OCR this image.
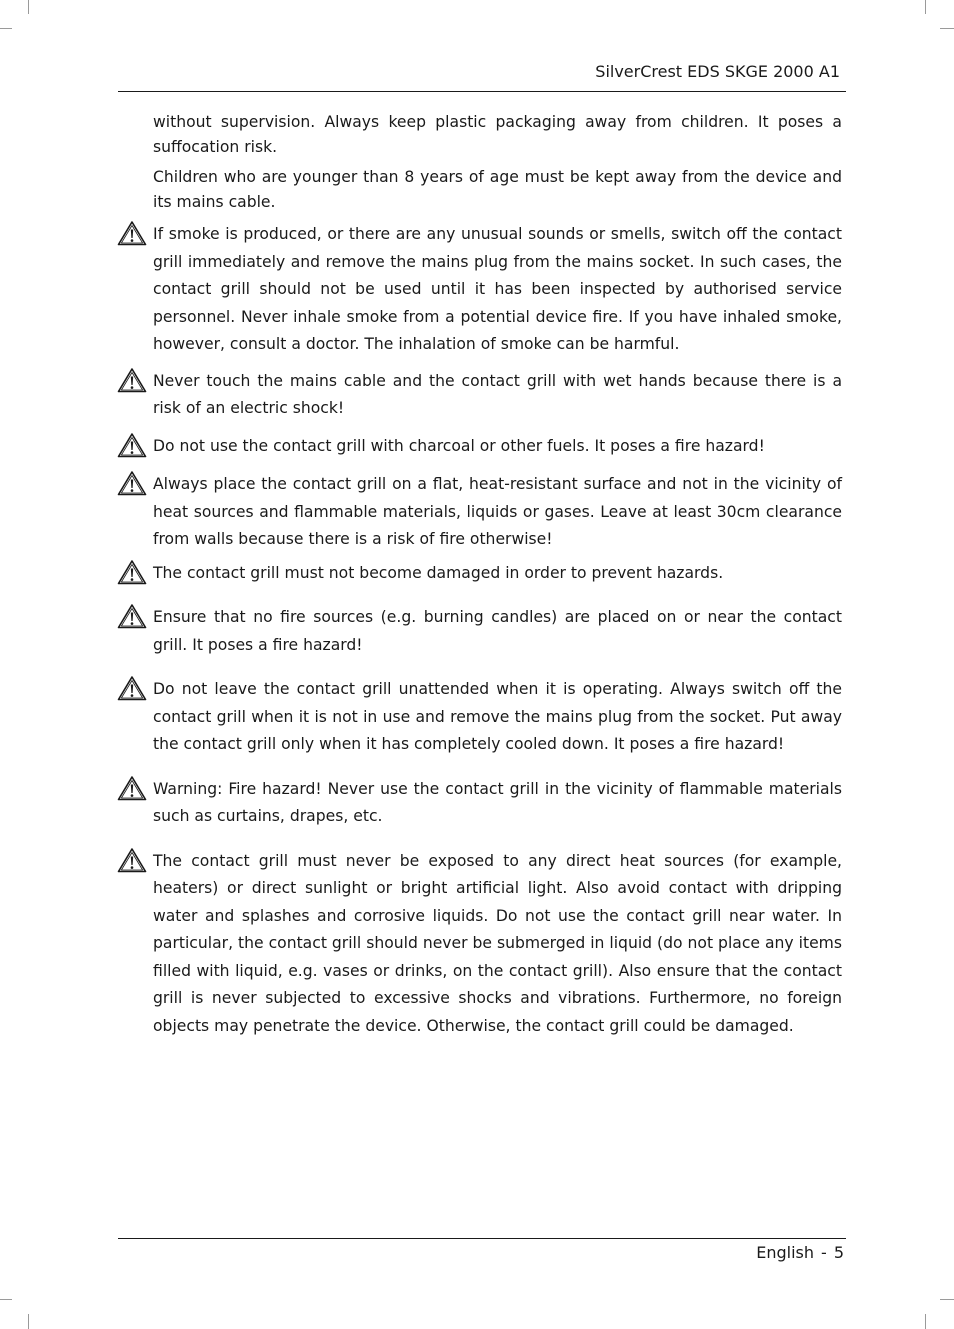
SilverCrest EDS SKGE 2000 A1

without supervision. Always keep plastic packaging away from children. It poses a suffocation risk.

Children who are younger than 8 years of age must be kept away from the device and its mains cable.

If smoke is produced, or there are any unusual sounds or smells, switch off the contact grill immediately and remove the mains plug from the mains socket. In such cases, the contact grill should not be used until it has been inspected by authorised service personnel. Never inhale smoke from a potential device fire. If you have inhaled smoke, however, consult a doctor. The inhalation of smoke can be harmful.

Never touch the mains cable and the contact grill with wet hands because there is a risk of an electric shock!

Do not use the contact grill with charcoal or other fuels. It poses a fire hazard!

Always place the contact grill on a flat, heat-resistant surface and not in the vicinity of heat sources and flammable materials, liquids or gases. Leave at least 30cm clearance from walls because there is a risk of fire otherwise!

The contact grill must not become damaged in order to prevent hazards.

Ensure that no fire sources (e.g. burning candles) are placed on or near the contact grill. It poses a fire hazard!

Do not leave the contact grill unattended when it is operating. Always switch off the contact grill when it is not in use and remove the mains plug from the socket. Put away the contact grill only when it has completely cooled down. It poses a fire hazard!

Warning: Fire hazard! Never use the contact grill in the vicinity of flammable materials such as curtains, drapes, etc.

The contact grill must never be exposed to any direct heat sources (for example, heaters) or direct sunlight or bright artificial light. Also avoid contact with dripping water and splashes and corrosive liquids. Do not use the contact grill near water. In particular, the contact grill should never be submerged in liquid (do not place any items filled with liquid, e.g. vases or drinks, on the contact grill). Also ensure that the contact grill is never subjected to excessive shocks and vibrations. Furthermore, no foreign objects may penetrate the device. Otherwise, the contact grill could be damaged.

English - 5
